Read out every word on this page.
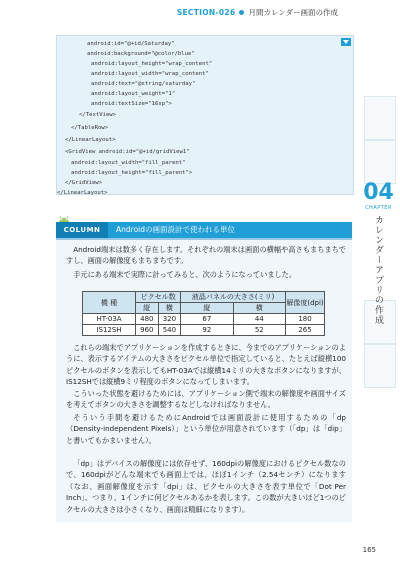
SECTION-026 月間カレンダー画面の作成
04
CHAPTER
カレンダーアプリの作成
android:id="@+id/Saturday"
android:background="@color/blue"
android:layout_height="wrap_content"
android:layout_width="wrap_content"
android:text="@string/saturday"
android:layout_weight="1"
android:textSize="16sp">
</TextView>
</TableRow>
</LinearLayout>
<GridView android:id="@+id/gridView1"
android:layout_width="fill_parent"
android:layout_height="fill_parent">
</GridView>
</LinearLayout>
COLUMN	Androidの画面設計で使われる単位

Android端末は数多く存在します。それぞれの端末は画面の横幅や高さもまちまちですし、画面の解像度もまちまちです。

手元にある端末で実際に計ってみると、次のようになっていました。

機 種	ピクセル数		液晶パネルの大きさ(ミリ)		解像度(dpi)
	縦	横	縦	横	
HT-03A	480	320	67	44	180
IS12SH	960	540	92	52	265

これらの端末でアプリケーションを作成するときに、今までのアプリケーションのように、表示するアイテムの大きさをピクセル単位で指定していると、たとえば縦横100ピクセルのボタンを表示してもHT-03Aでは縦横14ミリの大きなボタンになりますが、IS12SHでは縦横9ミリ程度のボタンになってしまいます。

こういった状態を避けるためには、アプリケーション側で端末の解像度や画面サイズを考えてボタンの大きさを調整するなどしなければなりません。

そういう手間を避けるためにAndroidでは画面設計に使用するための「dp（Density-independent Pixels）」という単位が用意されています（「dp」は「dip」と書いてもかまいません）。

「dp」はデバイスの解像度には依存せず、160dpiの解像度におけるピクセル数なので、160dpiがどんな端末でも画面上では、ほぼ1インチ（2.54センチ）になります（なお、画面解像度を示す「dpi」は、ピクセルの大きさを表す単位で「Dot Per Inch」、つまり、1インチに何ピクセルあるかを表します。この数が大きいほど1つのピクセルの大きさは小さくなり、画面は精細になります）。

165
